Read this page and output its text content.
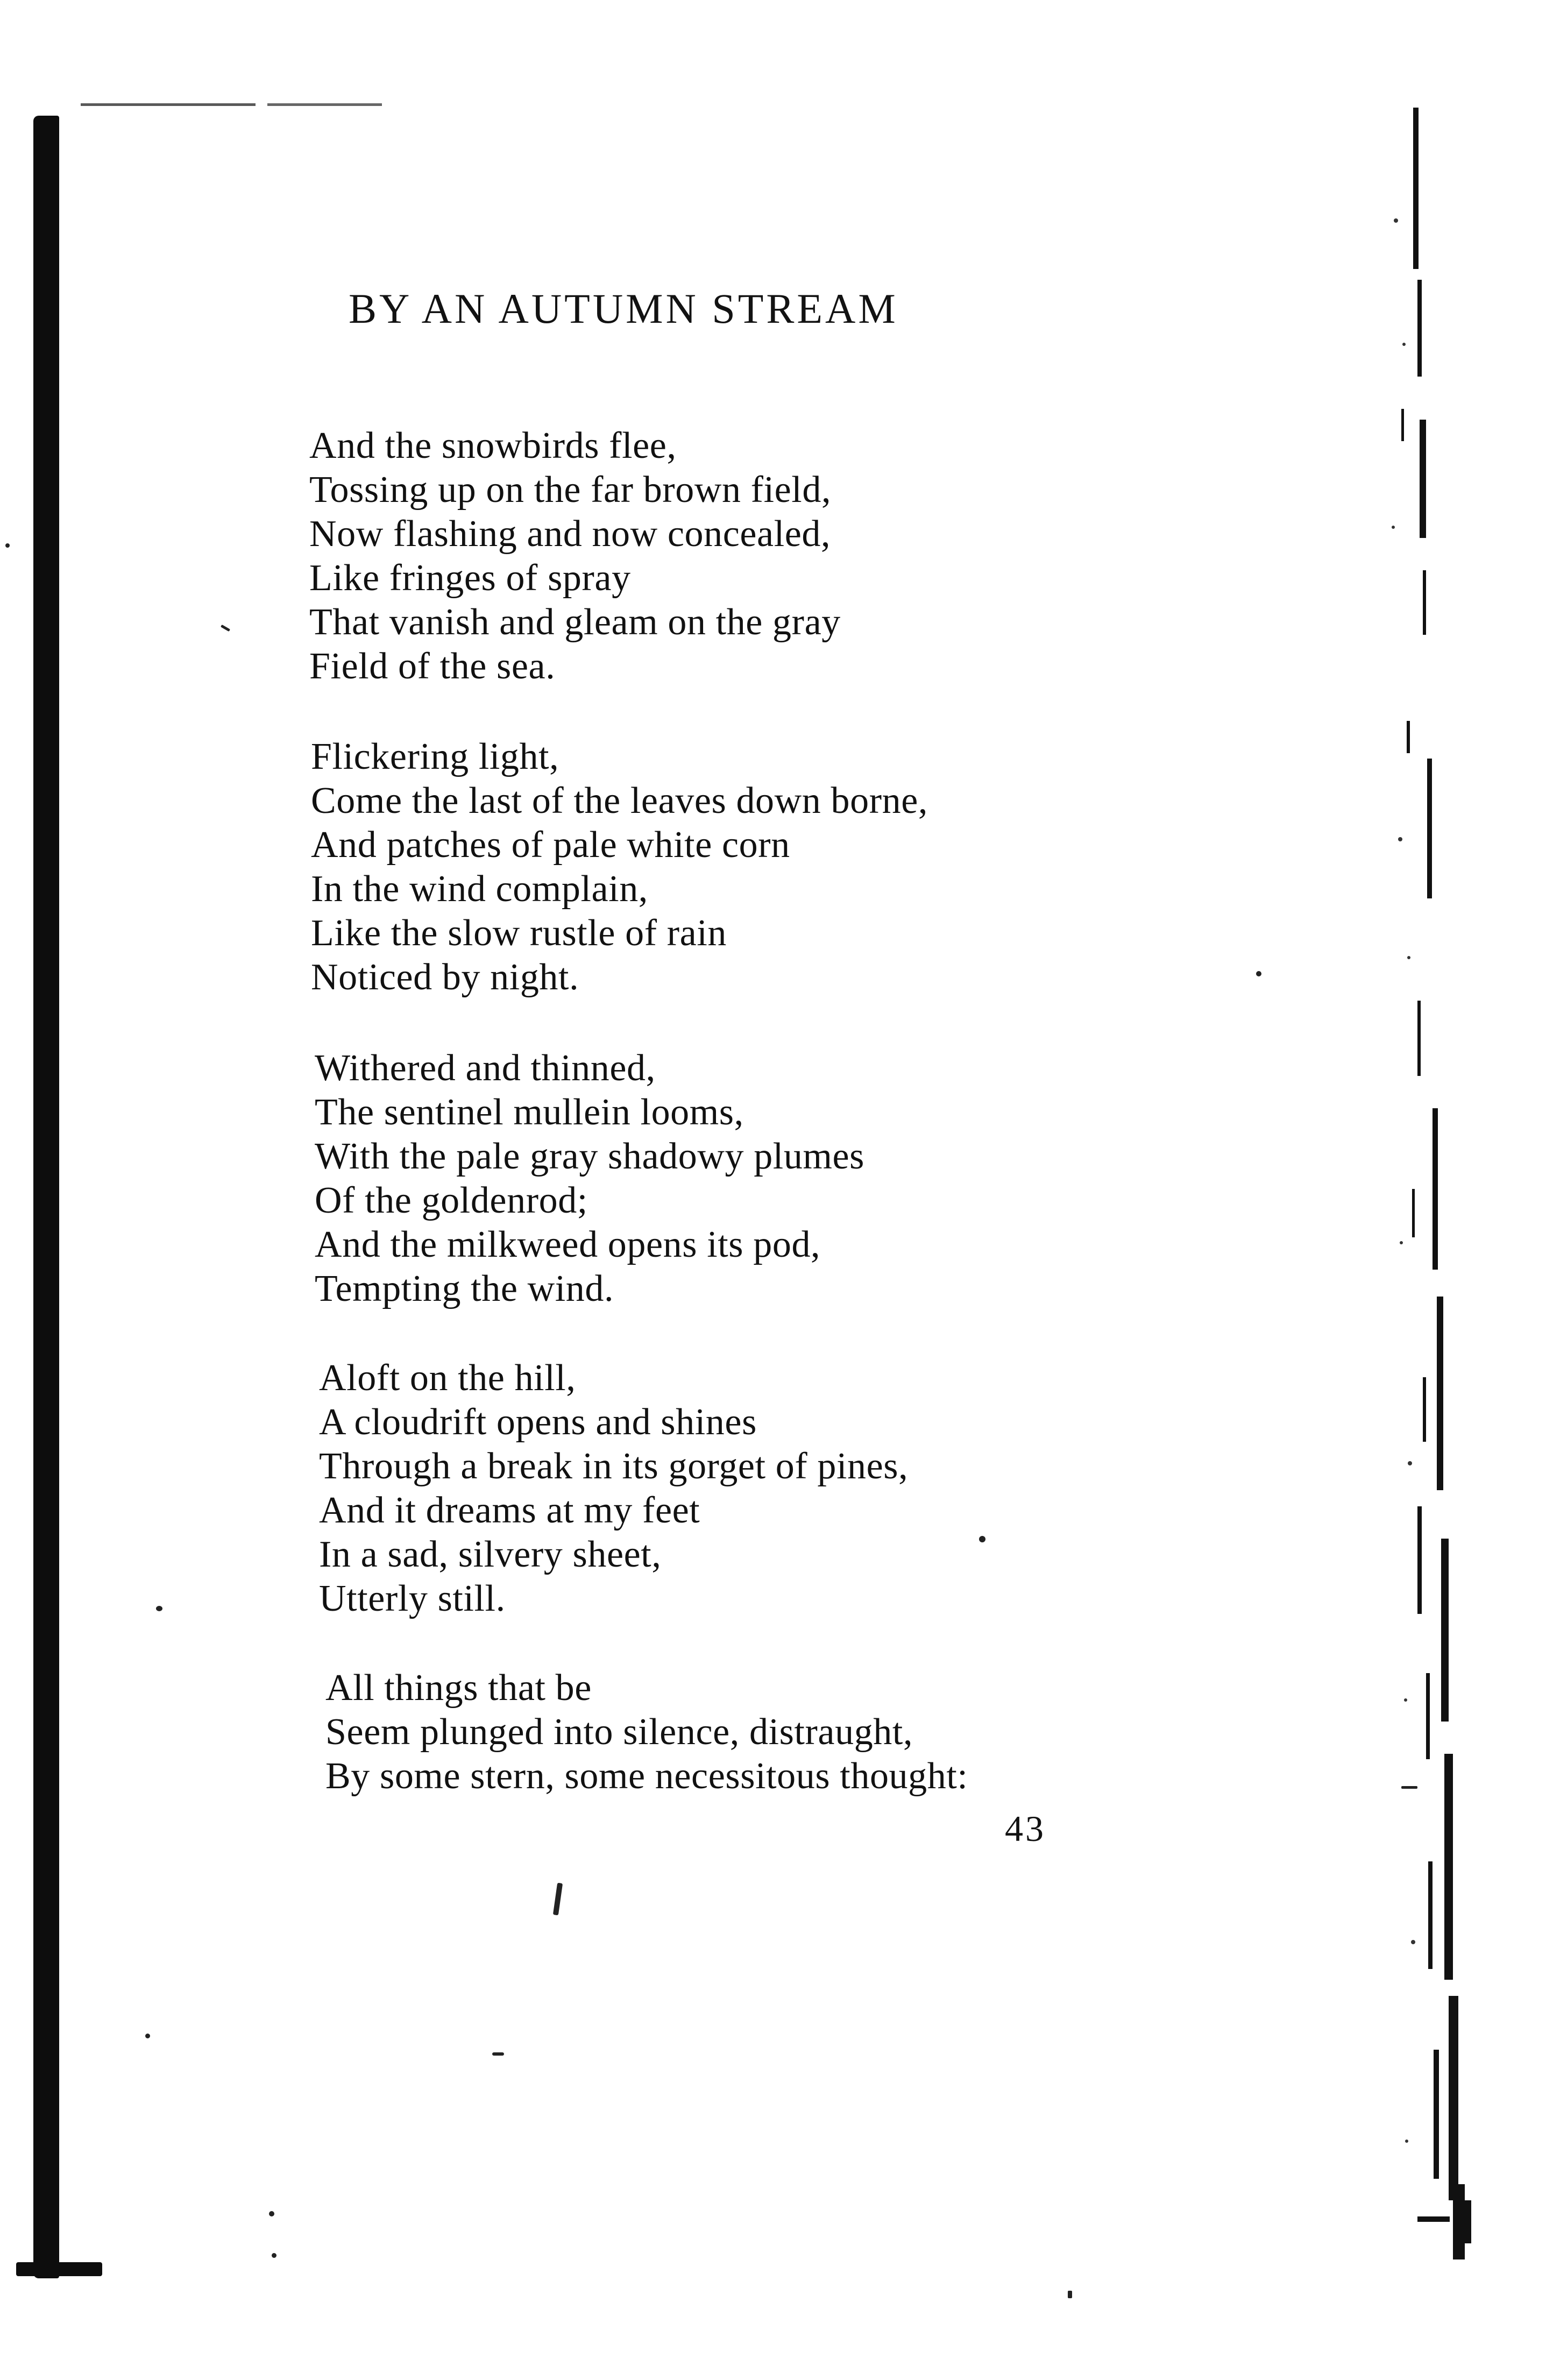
BY AN AUTUMN STREAM
And the snowbirds flee,
Tossing up on the far brown field,
Now flashing and now concealed,
Like fringes of spray
That vanish and gleam on the gray
Field of the sea.
Flickering light,
Come the last of the leaves down borne,
And patches of pale white corn
In the wind complain,
Like the slow rustle of rain
Noticed by night.
Withered and thinned,
The sentinel mullein looms,
With the pale gray shadowy plumes
Of the goldenrod;
And the milkweed opens its pod,
Tempting the wind.
Aloft on the hill,
A cloudrift opens and shines
Through a break in its gorget of pines,
And it dreams at my feet
In a sad, silvery sheet,
Utterly still.
All things that be
Seem plunged into silence, distraught,
By some stern, some necessitous thought:
43
